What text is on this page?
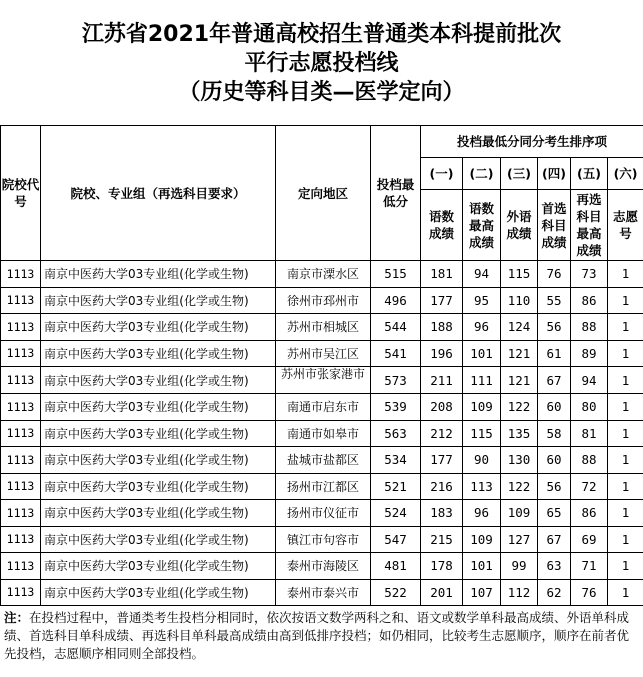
江苏省2021年普通高校招生普通类本科提前批次
平行志愿投档线
（历史等科目类—医学定向）
院校代号	院校、专业组（再选科目要求）	定向地区	投档最低分	投档最低分同分考生排序项					
				(一)	(二)	(三)	(四)	(五)	(六)
				语数成绩	语数最高成绩	外语成绩	首选科目成绩	再选科目最高成绩	志愿号
1113	南京中医药大学03专业组(化学或生物)	南京市溧水区	515	181	94	115	76	73	1
1113	南京中医药大学03专业组(化学或生物)	徐州市邳州市	496	177	95	110	55	86	1
1113	南京中医药大学03专业组(化学或生物)	苏州市相城区	544	188	96	124	56	88	1
1113	南京中医药大学03专业组(化学或生物)	苏州市吴江区	541	196	101	121	61	89	1
1113	南京中医药大学03专业组(化学或生物)	苏州市张家港市	573	211	111	121	67	94	1
1113	南京中医药大学03专业组(化学或生物)	南通市启东市	539	208	109	122	60	80	1
1113	南京中医药大学03专业组(化学或生物)	南通市如皋市	563	212	115	135	58	81	1
1113	南京中医药大学03专业组(化学或生物)	盐城市盐都区	534	177	90	130	60	88	1
1113	南京中医药大学03专业组(化学或生物)	扬州市江都区	521	216	113	122	56	72	1
1113	南京中医药大学03专业组(化学或生物)	扬州市仪征市	524	183	96	109	65	86	1
1113	南京中医药大学03专业组(化学或生物)	镇江市句容市	547	215	109	127	67	69	1
1113	南京中医药大学03专业组(化学或生物)	泰州市海陵区	481	178	101	99	63	71	1
1113	南京中医药大学03专业组(化学或生物)	泰州市泰兴市	522	201	107	112	62	76	1
注：在投档过程中，普通类考生投档分相同时，依次按语文数学两科之和、语文或数学单科最高成绩、外语单科成绩、首选科目单科成绩、再选科目单科最高成绩由高到低排序投档；如仍相同，比较考生志愿顺序，顺序在前者优先投档，志愿顺序相同则全部投档。
